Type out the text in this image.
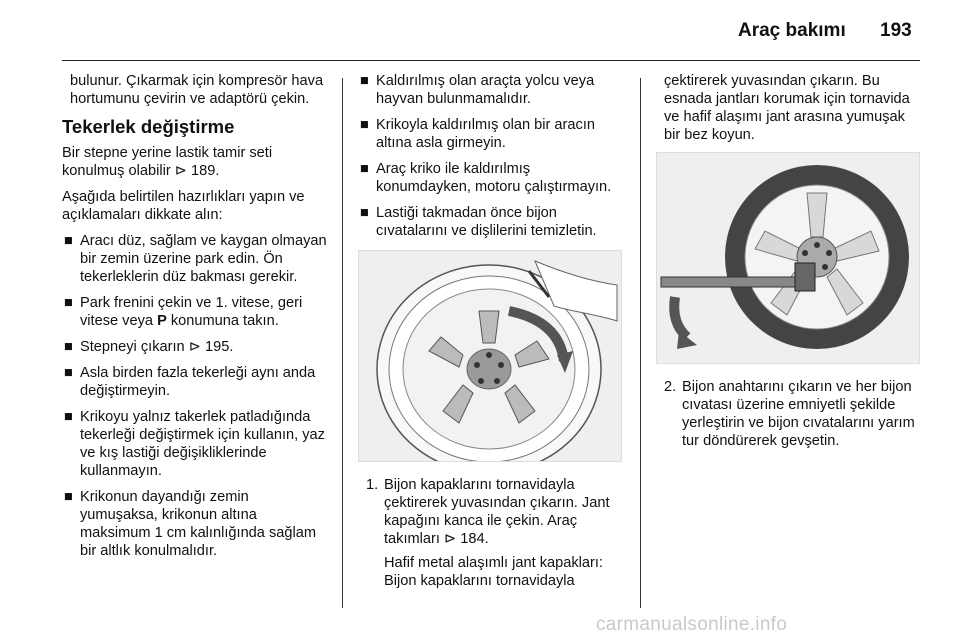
Araç bakımı 193

bulunur. Çıkarmak için kompresör hava hortumunu çevirin ve adaptörü çekin.

Tekerlek değiştirme

Bir stepne yerine lastik tamir seti konulmuş olabilir ⊳ 189.

Aşağıda belirtilen hazırlıkları yapın ve açıklamaları dikkate alın:

■ Aracı düz, sağlam ve kaygan olmayan bir zemin üzerine park edin. Ön tekerleklerin düz bakması gerekir.
■ Park frenini çekin ve 1. vitese, geri vitese veya P konumuna takın.
■ Stepneyi çıkarın ⊳ 195.
■ Asla birden fazla tekerleği aynı anda değiştirmeyin.
■ Krikoyu yalnız takerlek patladığında tekerleği değiştirmek için kullanın, yaz ve kış lastiği değişikliklerinde kullanmayın.
■ Krikonun dayandığı zemin yumuşaksa, krikonun altına maksimum 1 cm kalınlığında sağlam bir altlık konulmalıdır.
■ Kaldırılmış olan araçta yolcu veya hayvan bulunmamalıdır.
■ Krikoyla kaldırılmış olan bir aracın altına asla girmeyin.
■ Araç kriko ile kaldırılmış konumdayken, motoru çalıştırmayın.
■ Lastiği takmadan önce bijon cıvatalarını ve dişlilerini temizletin.
1. Bijon kapaklarını tornavidayla çektirerek yuvasından çıkarın. Jant kapağını kanca ile çekin. Araç takımları ⊳ 184.

Hafif metal alaşımlı jant kapakları: Bijon kapaklarını tornavidayla

çektirerek yuvasından çıkarın. Bu esnada jantları korumak için tornavida ve hafif alaşımı jant arasına yumuşak bir bez koyun.

2. Bijon anahtarını çıkarın ve her bijon cıvatası üzerine emniyetli şekilde yerleştirin ve bijon cıvatalarını yarım tur döndürerek gevşetin.
carmanualsonline.info
